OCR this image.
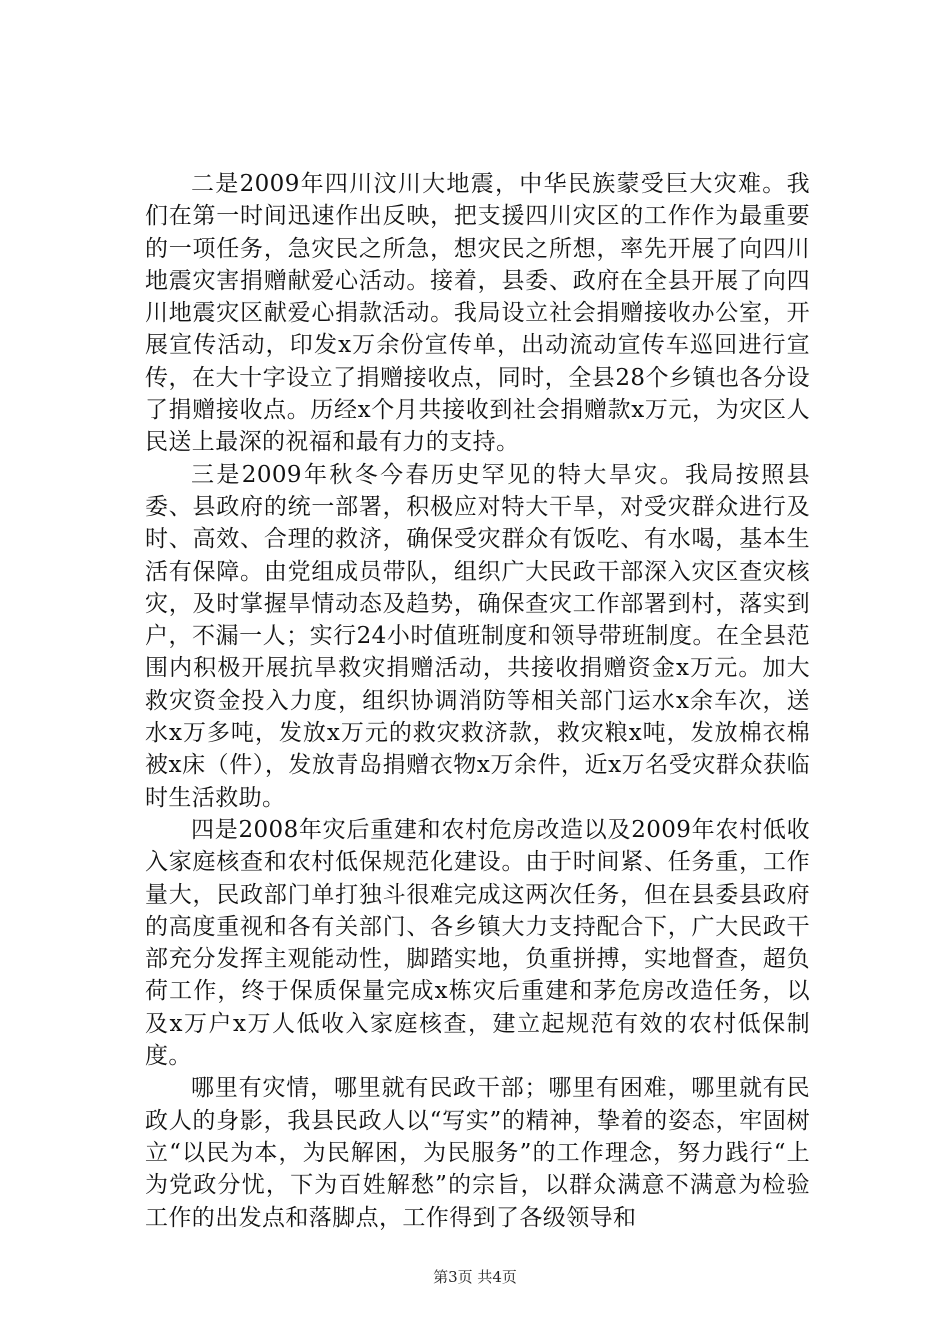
二是2009年四川汶川大地震，中华民族蒙受巨大灾难。我们在第一时间迅速作出反映，把支援四川灾区的工作作为最重要的一项任务，急灾民之所急，想灾民之所想，率先开展了向四川地震灾害捐赠献爱心活动。接着，县委、政府在全县开展了向四川地震灾区献爱心捐款活动。我局设立社会捐赠接收办公室，开展宣传活动，印发x万余份宣传单，出动流动宣传车巡回进行宣传，在大十字设立了捐赠接收点，同时，全县28个乡镇也各分设了捐赠接收点。历经x个月共接收到社会捐赠款x万元，为灾区人民送上最深的祝福和最有力的支持。

三是2009年秋冬今春历史罕见的特大旱灾。我局按照县委、县政府的统一部署，积极应对特大干旱，对受灾群众进行及时、高效、合理的救济，确保受灾群众有饭吃、有水喝，基本生活有保障。由党组成员带队，组织广大民政干部深入灾区查灾核灾，及时掌握旱情动态及趋势，确保查灾工作部署到村，落实到户，不漏一人；实行24小时值班制度和领导带班制度。在全县范围内积极开展抗旱救灾捐赠活动，共接收捐赠资金x万元。加大救灾资金投入力度，组织协调消防等相关部门运水x余车次，送水x万多吨，发放x万元的救灾救济款，救灾粮x吨，发放棉衣棉被x床（件），发放青岛捐赠衣物x万余件，近x万名受灾群众获临时生活救助。

四是2008年灾后重建和农村危房改造以及2009年农村低收入家庭核查和农村低保规范化建设。由于时间紧、任务重，工作量大，民政部门单打独斗很难完成这两次任务，但在县委县政府的高度重视和各有关部门、各乡镇大力支持配合下，广大民政干部充分发挥主观能动性，脚踏实地，负重拼搏，实地督查，超负荷工作，终于保质保量完成x栋灾后重建和茅危房改造任务，以及x万户x万人低收入家庭核查，建立起规范有效的农村低保制度。

哪里有灾情，哪里就有民政干部；哪里有困难，哪里就有民政人的身影，我县民政人以“写实”的精神，挚着的姿态，牢固树立“以民为本，为民解困，为民服务”的工作理念，努力践行“上为党政分忧，下为百姓解愁”的宗旨，以群众满意不满意为检验工作的出发点和落脚点，工作得到了各级领导和

第3页 共4页
